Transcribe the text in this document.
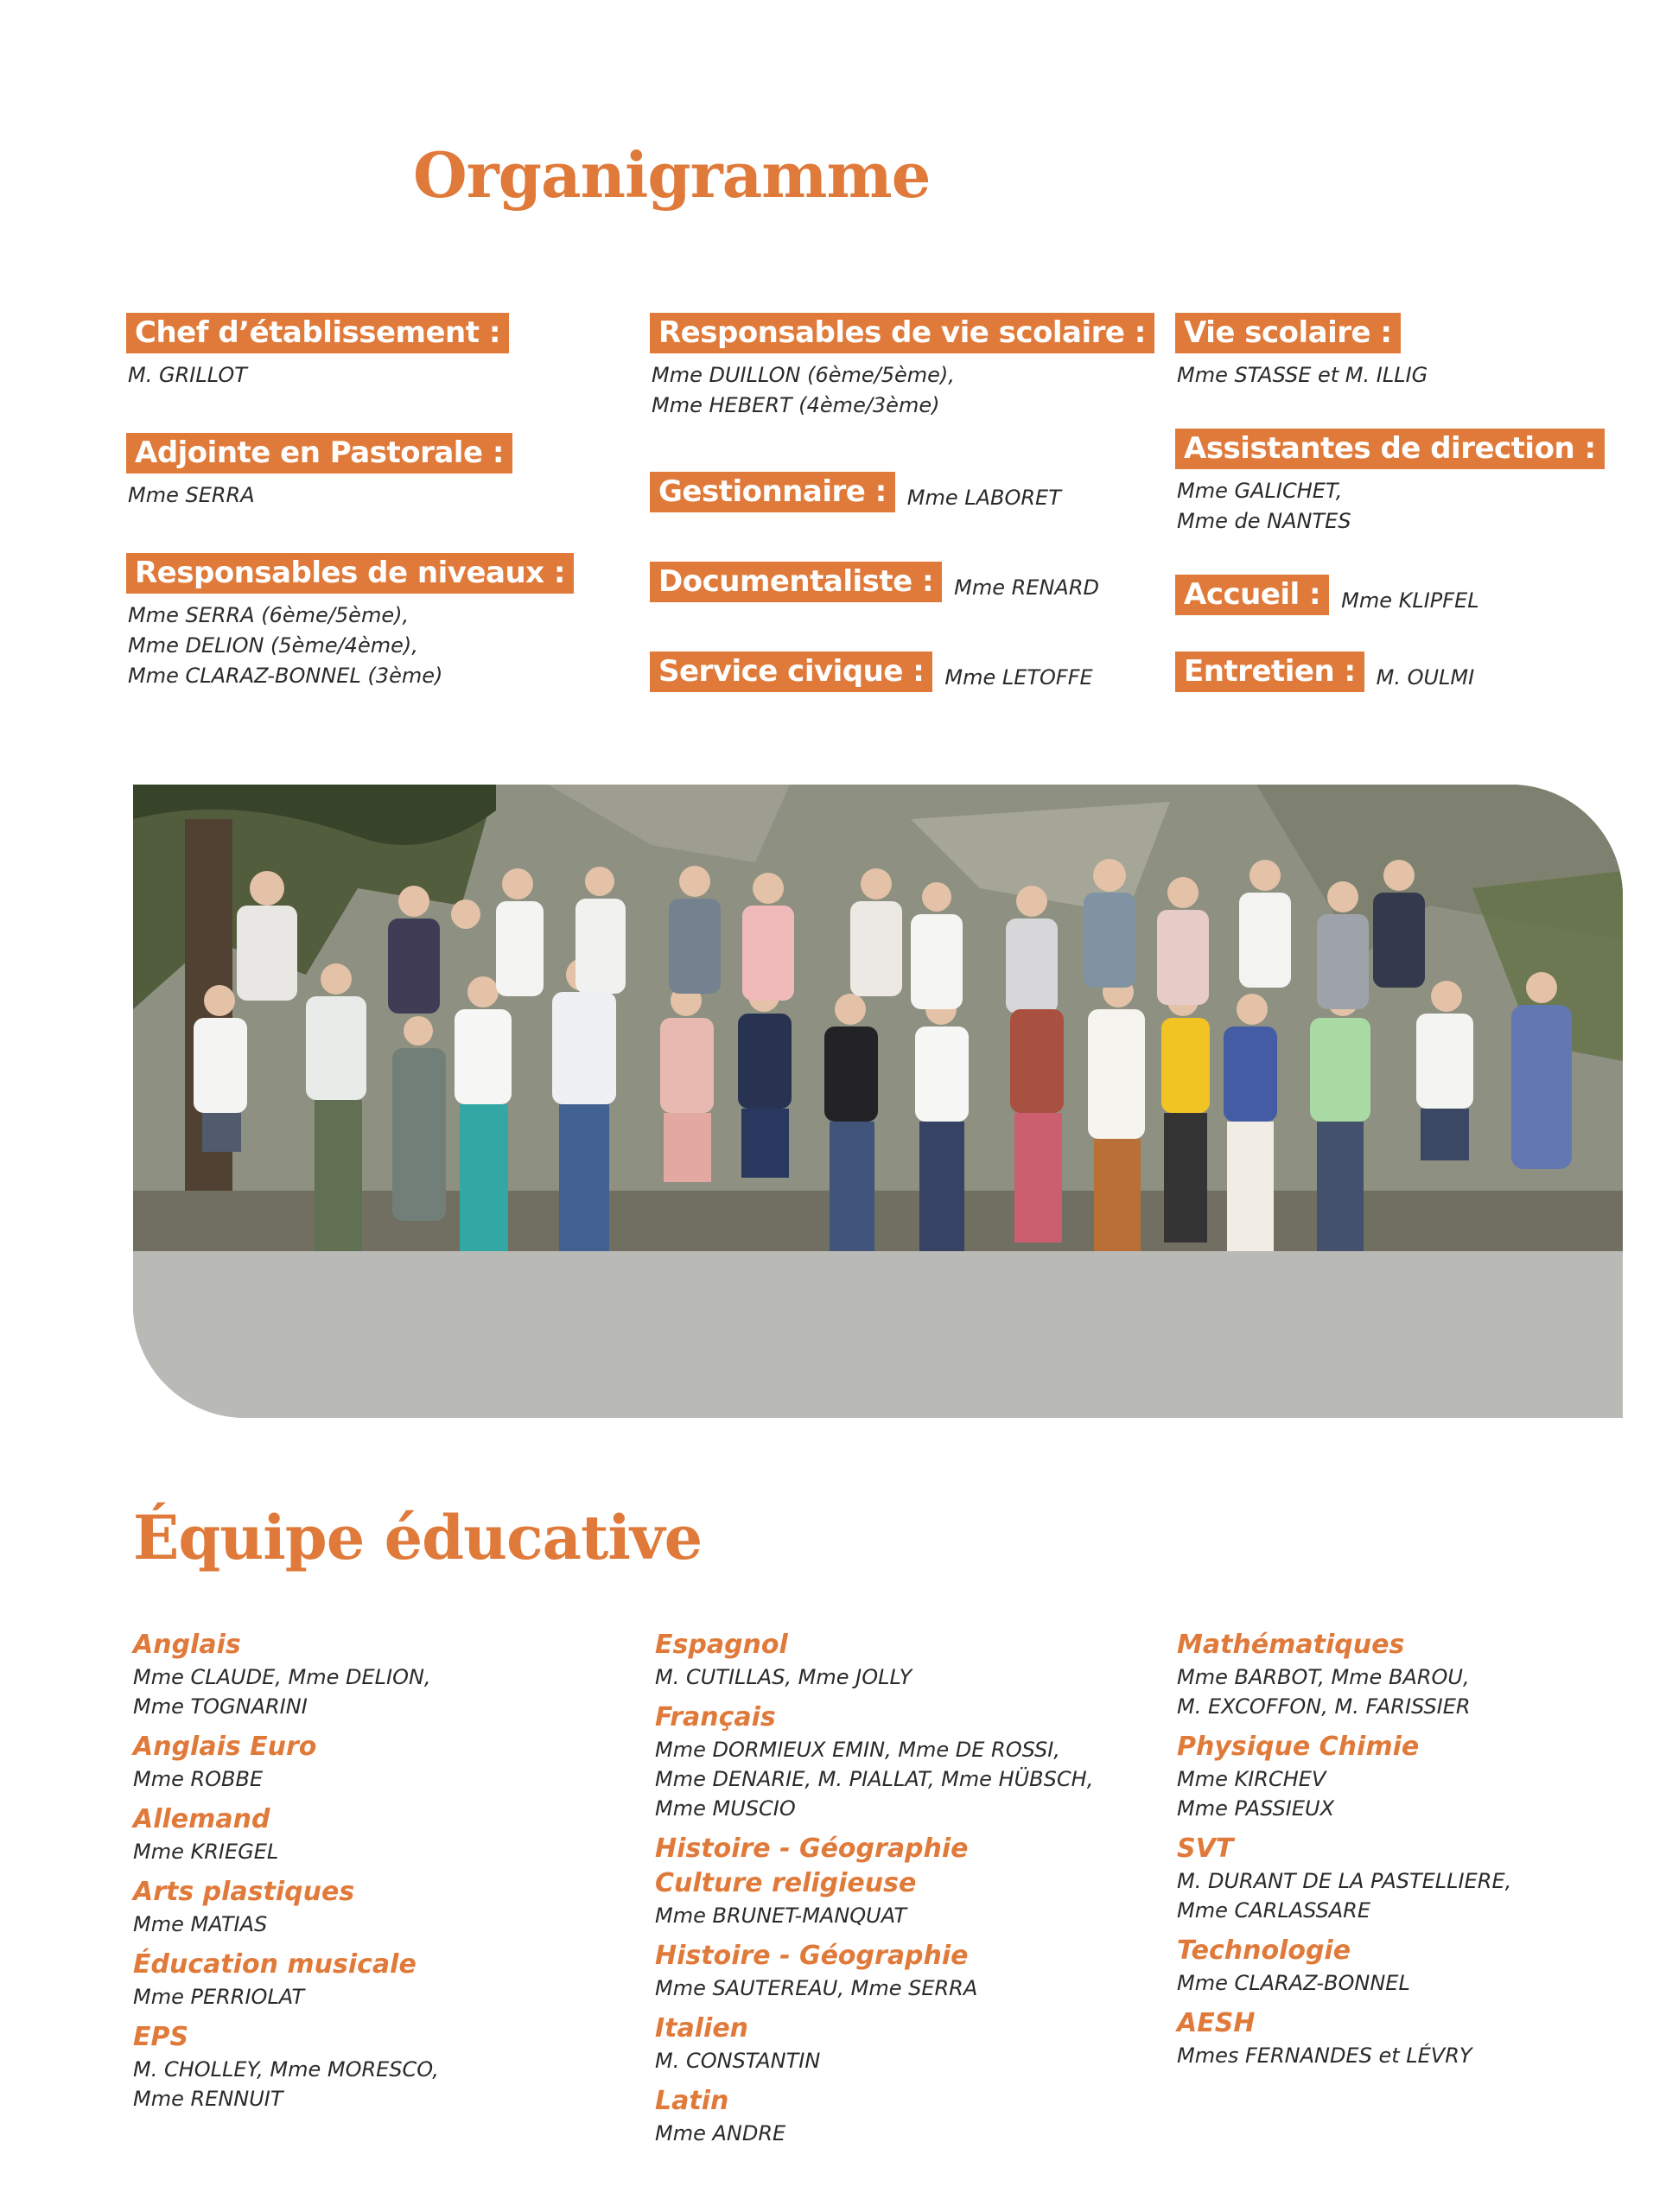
Organigramme
Chef d’établissement :
M. GRILLOT
Adjointe en Pastorale :
Mme SERRA
Responsables de niveaux :
Mme SERRA (6ème/5ème),
Mme DELION (5ème/4ème),
Mme CLARAZ-BONNEL (3ème)
Responsables de vie scolaire :
Mme DUILLON (6ème/5ème),
Mme HEBERT (4ème/3ème)
Gestionnaire : Mme LABORET
Documentaliste : Mme RENARD
Service civique : Mme LETOFFE
Vie scolaire :
Mme STASSE et M. ILLIG
Assistantes de direction :
Mme GALICHET,
Mme de NANTES
Accueil : Mme KLIPFEL
Entretien : M. OULMI
Équipe éducative
Anglais
Mme CLAUDE, Mme DELION,
Mme TOGNARINI
Anglais Euro
Mme ROBBE
Allemand
Mme KRIEGEL
Arts plastiques
Mme MATIAS
Éducation musicale
Mme PERRIOLAT
EPS
M. CHOLLEY, Mme MORESCO,
Mme RENNUIT
Espagnol
M. CUTILLAS, Mme JOLLY
Français
Mme DORMIEUX EMIN, Mme DE ROSSI,
Mme DENARIE, M. PIALLAT, Mme HÜBSCH,
Mme MUSCIO
Histoire - Géographie
Culture religieuse
Mme BRUNET-MANQUAT
Histoire - Géographie
Mme SAUTEREAU, Mme SERRA
Italien
M. CONSTANTIN
Latin
Mme ANDRE
Mathématiques
Mme BARBOT, Mme BAROU,
M. EXCOFFON, M. FARISSIER
Physique Chimie
Mme KIRCHEV
Mme PASSIEUX
SVT
M. DURANT DE LA PASTELLIERE,
Mme CARLASSARE
Technologie
Mme CLARAZ-BONNEL
AESH
Mmes FERNANDES et LÉVRY
